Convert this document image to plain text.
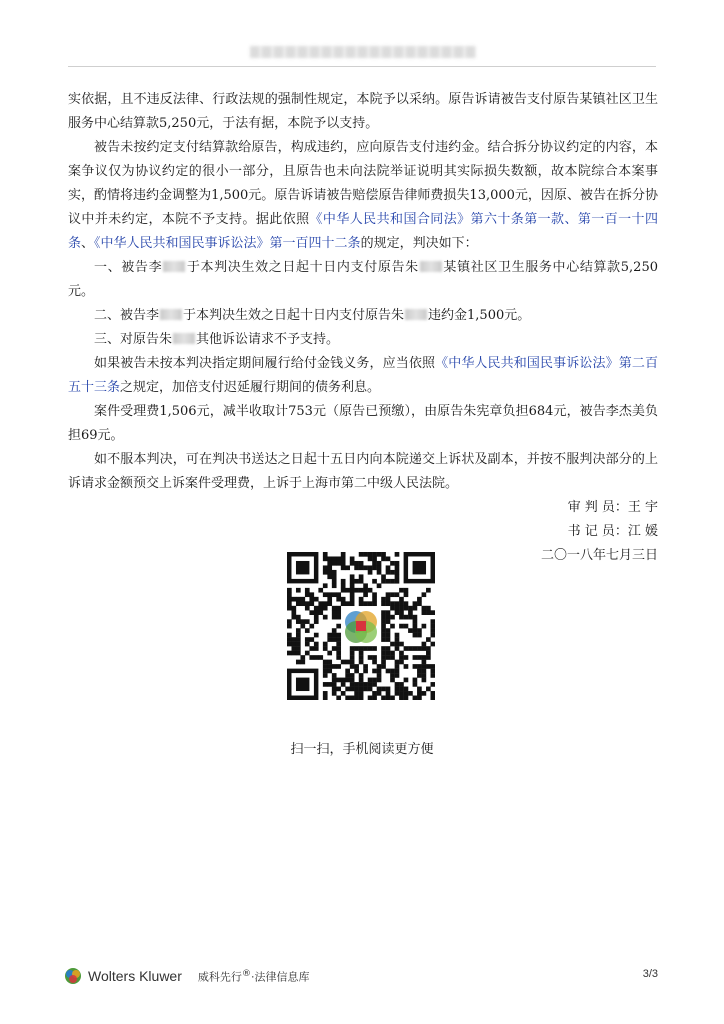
实依据，且不违反法律、行政法规的强制性规定，本院予以采纳。原告诉请被告支付原告某镇社区卫生服务中心结算款5,250元，于法有据，本院予以支持。

被告未按约定支付结算款给原告，构成违约，应向原告支付违约金。结合拆分协议约定的内容，本案争议仅为协议约定的很小一部分，且原告也未向法院举证说明其实际损失数额，故本院综合本案事实，酌情将违约金调整为1,500元。原告诉请被告赔偿原告律师费损失13,000元，因原、被告在拆分协议中并未约定，本院不予支持。据此依照《中华人民共和国合同法》第六十条第一款、第一百一十四条、《中华人民共和国民事诉讼法》第一百四十二条的规定，判决如下：

一、被告李 于本判决生效之日起十日内支付原告朱 某镇社区卫生服务中心结算款5,250元。

二、被告李 于本判决生效之日起十日内支付原告朱 违约金1,500元。

三、对原告朱 其他诉讼请求不予支持。

如果被告未按本判决指定期间履行给付金钱义务，应当依照《中华人民共和国民事诉讼法》第二百五十三条之规定，加倍支付迟延履行期间的债务利息。

案件受理费1,506元，减半收取计753元（原告已预缴），由原告朱宪章负担684元，被告李杰美负担69元。

如不服本判决，可在判决书送达之日起十五日内向本院递交上诉状及副本，并按不服判决部分的上诉请求金额预交上诉案件受理费，上诉于上海市第二中级人民法院。

审 判 员：王 宇

书 记 员：江 媛

二〇一八年七月三日

扫一扫，手机阅读更方便
Wolters Kluwer 威科先行®·法律信息库	3/3
